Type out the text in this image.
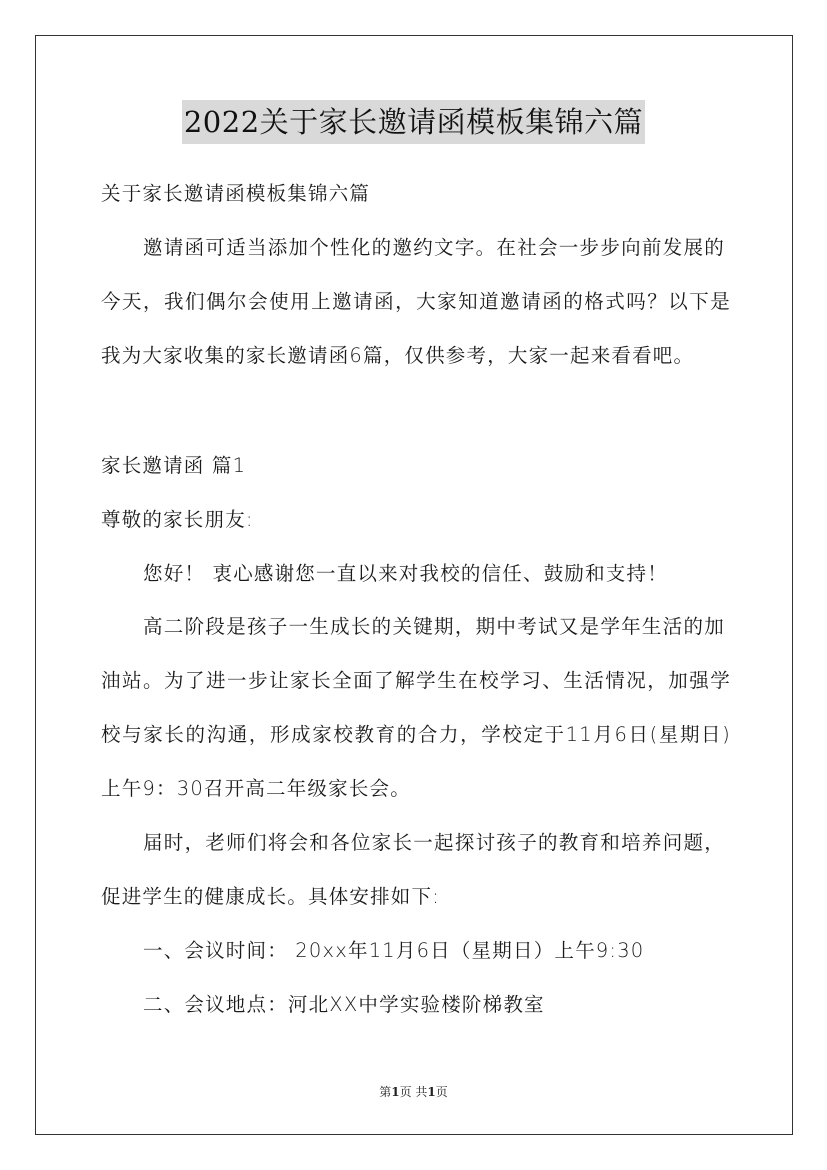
2022关于家长邀请函模板集锦六篇
关于家长邀请函模板集锦六篇
邀请函可适当添加个性化的邀约文字。在社会一步步向前发展的
今天，我们偶尔会使用上邀请函，大家知道邀请函的格式吗？以下是
我为大家收集的家长邀请函6篇，仅供参考，大家一起来看看吧。
家长邀请函 篇1
尊敬的家长朋友:
您好！ 衷心感谢您一直以来对我校的信任、鼓励和支持！
高二阶段是孩子一生成长的关键期，期中考试又是学年生活的加
油站。为了进一步让家长全面了解学生在校学习、生活情况，加强学
校与家长的沟通，形成家校教育的合力，学校定于11月6日(星期日)
上午9：30召开高二年级家长会。
届时，老师们将会和各位家长一起探讨孩子的教育和培养问题，
促进学生的健康成长。具体安排如下:
一、会议时间： 20xx年11月6日（星期日）上午9:30
二、会议地点：河北XX中学实验楼阶梯教室
第1页 共1页
